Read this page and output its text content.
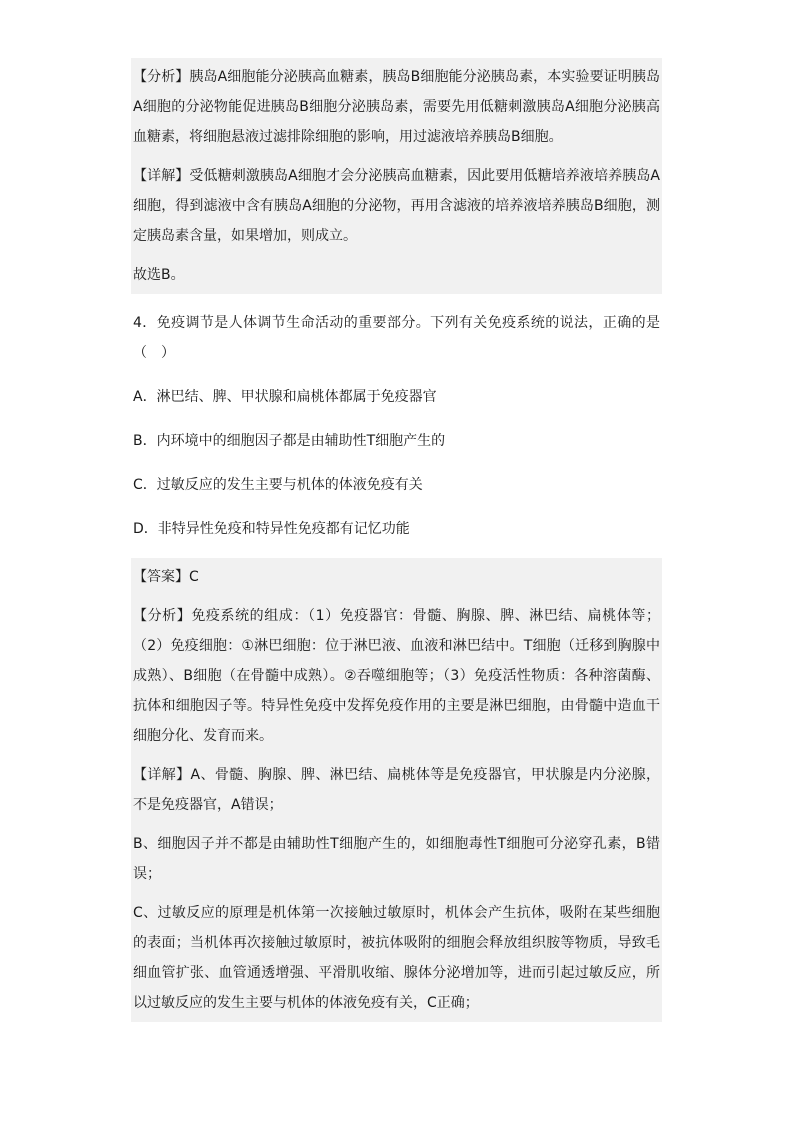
【分析】胰岛A细胞能分泌胰高血糖素，胰岛B细胞能分泌胰岛素，本实验要证明胰岛A细胞的分泌物能促进胰岛B细胞分泌胰岛素，需要先用低糖刺激胰岛A细胞分泌胰高血糖素，将细胞悬液过滤排除细胞的影响，用过滤液培养胰岛B细胞。

【详解】受低糖刺激胰岛A细胞才会分泌胰高血糖素，因此要用低糖培养液培养胰岛A细胞，得到滤液中含有胰岛A细胞的分泌物，再用含滤液的培养液培养胰岛B细胞，测定胰岛素含量，如果增加，则成立。

故选B。

4．免疫调节是人体调节生命活动的重要部分。下列有关免疫系统的说法，正确的是（　）

A．淋巴结、脾、甲状腺和扁桃体都属于免疫器官

B．内环境中的细胞因子都是由辅助性T细胞产生的

C．过敏反应的发生主要与机体的体液免疫有关

D．非特异性免疫和特异性免疫都有记忆功能

【答案】C

【分析】免疫系统的组成：（1）免疫器官：骨髓、胸腺、脾、淋巴结、扁桃体等；（2）免疫细胞：①淋巴细胞：位于淋巴液、血液和淋巴结中。T细胞（迁移到胸腺中成熟）、B细胞（在骨髓中成熟）。②吞噬细胞等；（3）免疫活性物质：各种溶菌酶、抗体和细胞因子等。特异性免疫中发挥免疫作用的主要是淋巴细胞，由骨髓中造血干细胞分化、发育而来。

【详解】A、骨髓、胸腺、脾、淋巴结、扁桃体等是免疫器官，甲状腺是内分泌腺，不是免疫器官，A错误；

B、细胞因子并不都是由辅助性T细胞产生的，如细胞毒性T细胞可分泌穿孔素，B错误；

C、过敏反应的原理是机体第一次接触过敏原时，机体会产生抗体，吸附在某些细胞的表面；当机体再次接触过敏原时，被抗体吸附的细胞会释放组织胺等物质，导致毛细血管扩张、血管通透增强、平滑肌收缩、腺体分泌增加等，进而引起过敏反应，所以过敏反应的发生主要与机体的体液免疫有关，C正确；
